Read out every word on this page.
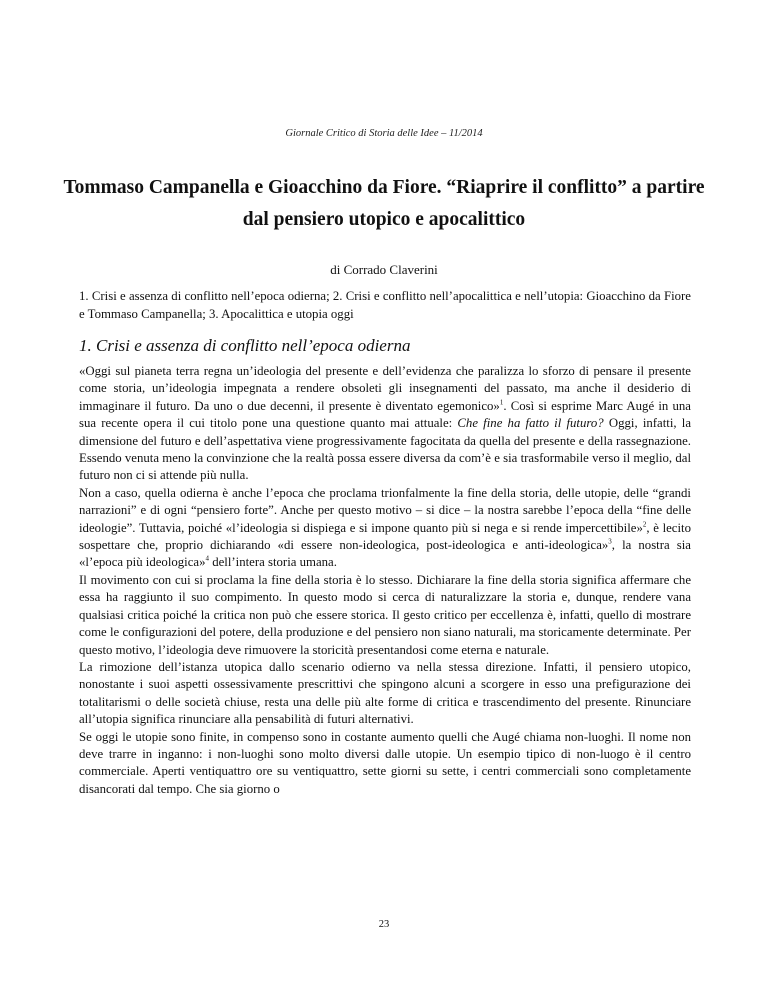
Giornale Critico di Storia delle Idee – 11/2014
Tommaso Campanella e Gioacchino da Fiore. “Riaprire il conflitto” a partire dal pensiero utopico e apocalittico
di Corrado Claverini
1. Crisi e assenza di conflitto nell’epoca odierna; 2. Crisi e conflitto nell’apocalittica e nell’utopia: Gioacchino da Fiore e Tommaso Campanella; 3. Apocalittica e utopia oggi
1. Crisi e assenza di conflitto nell’epoca odierna

«Oggi sul pianeta terra regna un’ideologia del presente e dell’evidenza che paralizza lo sforzo di pensare il presente come storia, un’ideologia impegnata a rendere obsoleti gli insegnamenti del passato, ma anche il desiderio di immaginare il futuro. Da uno o due decenni, il presente è diventato egemonico»$^1$. Così si esprime Marc Augé in una sua recente opera il cui titolo pone una questione quanto mai attuale: Che fine ha fatto il futuro? Oggi, infatti, la dimensione del futuro e dell’aspettativa viene progressivamente fagocitata da quella del presente e della rassegnazione. Essendo venuta meno la convinzione che la realtà possa essere diversa da com’è e sia trasformabile verso il meglio, dal futuro non ci si attende più nulla.

Non a caso, quella odierna è anche l’epoca che proclama trionfalmente la fine della storia, delle utopie, delle “grandi narrazioni” e di ogni “pensiero forte”. Anche per questo motivo – si dice – la nostra sarebbe l’epoca della “fine delle ideologie”. Tuttavia, poiché «l’ideologia si dispiega e si impone quanto più si nega e si rende impercettibile»$^2$, è lecito sospettare che, proprio dichiarando «di essere non-ideologica, post-ideologica e anti-ideologica»$^3$, la nostra sia «l’epoca più ideologica»$^4$ dell’intera storia umana.

Il movimento con cui si proclama la fine della storia è lo stesso. Dichiarare la fine della storia significa affermare che essa ha raggiunto il suo compimento. In questo modo si cerca di naturalizzare la storia e, dunque, rendere vana qualsiasi critica poiché la critica non può che essere storica. Il gesto critico per eccellenza è, infatti, quello di mostrare come le configurazioni del potere, della produzione e del pensiero non siano naturali, ma storicamente determinate. Per questo motivo, l’ideologia deve rimuovere la storicità presentandosi come eterna e naturale.

La rimozione dell’istanza utopica dallo scenario odierno va nella stessa direzione. Infatti, il pensiero utopico, nonostante i suoi aspetti ossessivamente prescrittivi che spingono alcuni a scorgere in esso una prefigurazione dei totalitarismi o delle società chiuse, resta una delle più alte forme di critica e trascendimento del presente. Rinunciare all’utopia significa rinunciare alla pensabilità di futuri alternativi.

Se oggi le utopie sono finite, in compenso sono in costante aumento quelli che Augé chiama non-luoghi. Il nome non deve trarre in inganno: i non-luoghi sono molto diversi dalle utopie. Un esempio tipico di non-luogo è il centro commerciale. Aperti ventiquattro ore su ventiquattro, sette giorni su sette, i centri commerciali sono completamente disancorati dal tempo. Che sia giorno o

23
